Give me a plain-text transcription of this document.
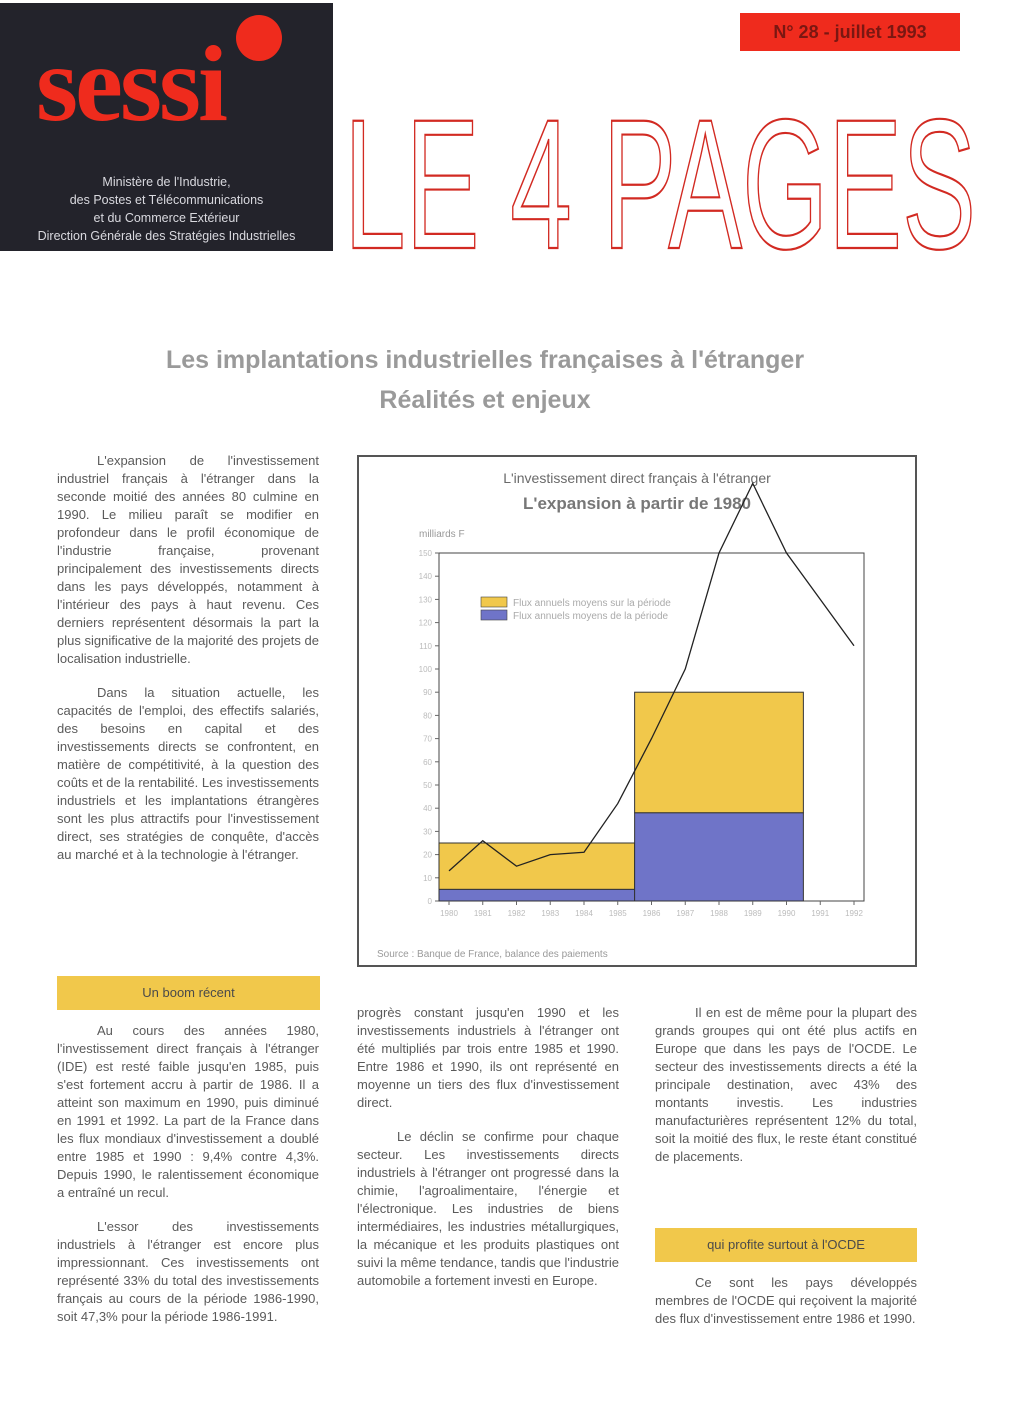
sessi
Ministère de l'Industrie,
des Postes et Télécommunications
et du Commerce Extérieur
Direction Générale des Stratégies Industrielles
N° 28 - juillet 1993
LE 4 PAGES
Les implantations industrielles françaises à l'étranger
Réalités et enjeux
L'investissement direct français à l'étranger
L'expansion à partir de 1980
milliards F
0
10
20
30
40
50
60
70
80
90
100
110
120
130
140
150
1980 1981 1982 1983 1984 1985 1986 1987 1988 1989 1990 1991 1992
Flux annuels moyens sur la période
Flux annuels moyens de la période
Source : Banque de France, balance des paiements

L'expansion de l'investissement industriel français à l'étranger dans la seconde moitié des années 80 culmine en 1990. Le milieu paraît se modifier en profondeur dans le profil économique de l'industrie française, provenant principalement des investissements directs dans les pays développés, notamment à l'intérieur des pays à haut revenu. Ces derniers représentent désormais la part la plus significative de la majorité des projets de localisation industrielle.

Dans la situation actuelle, les capacités de l'emploi, des effectifs salariés, des besoins en capital et des investissements directs se confrontent, en matière de compétitivité, à la question des coûts et de la rentabilité. Les investissements industriels et les implantations étrangères sont les plus attractifs pour l'investissement direct, ses stratégies de conquête, d'accès au marché et à la technologie à l'étranger.

Un boom récent

Au cours des années 1980, l'investissement direct français à l'étranger (IDE) est resté faible jusqu'en 1985, puis s'est fortement accru à partir de 1986. Il a atteint son maximum en 1990, puis diminué en 1991 et 1992. La part de la France dans les flux mondiaux d'investissement a doublé entre 1985 et 1990 : 9,4% contre 4,3%. Depuis 1990, le ralentissement économique a entraîné un recul.

L'essor des investissements industriels à l'étranger est encore plus impressionnant. Ces investissements ont représenté 33% du total des investissements français au cours de la période 1986-1990, soit 47,3% pour la période 1986-1991.

progrès constant jusqu'en 1990 et les investissements industriels à l'étranger ont été multipliés par trois entre 1985 et 1990. Entre 1986 et 1990, ils ont représenté en moyenne un tiers des flux d'investissement direct.

Le déclin se confirme pour chaque secteur. Les investissements directs industriels à l'étranger ont progressé dans la chimie, l'agroalimentaire, l'énergie et l'électronique. Les industries de biens intermédiaires, les industries métallurgiques, la mécanique et les produits plastiques ont suivi la même tendance, tandis que l'industrie automobile a fortement investi en Europe.

Il en est de même pour la plupart des grands groupes qui ont été plus actifs en Europe que dans les pays de l'OCDE. Le secteur des investissements directs a été la principale destination, avec 43% des montants investis. Les industries manufacturières représentent 12% du total, soit la moitié des flux, le reste étant constitué de placements.

qui profite surtout à l'OCDE

Ce sont les pays développés membres de l'OCDE qui reçoivent la majorité des flux d'investissement entre 1986 et 1990.
